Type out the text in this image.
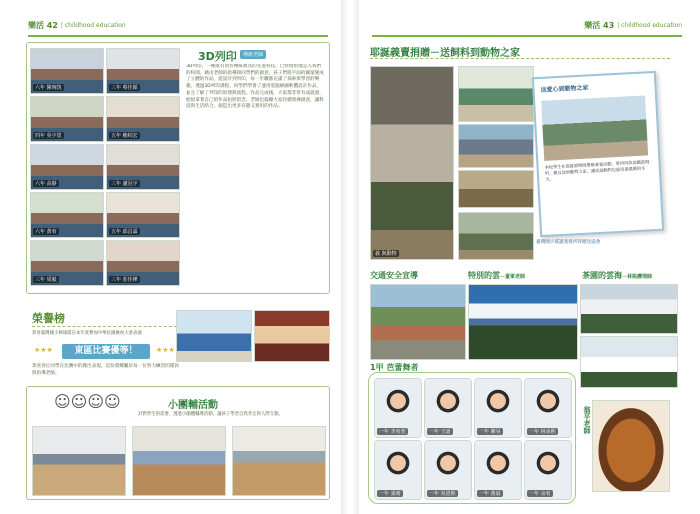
樂活 42 | childhood education
六年 陳琬筑	三年 蔡佳穎
四年 吳宇恩	五年 賴柏宏
六年 高靜	三年 盧冠宇
六年 黃宥	五年 邱昌霖
三年 周毅	三年 莊佳樺
3D列印	傳統老師
3D列印，一種既有別於傳統教具的先進科技，已經悄悄地走入我們的校園。藉由老師的指導與同學們的創意，孩子們將平面的圖案變成了立體的作品，從設計到列印，每一步驟都充滿了探索與學習的樂趣。透過3D列印課程，同學們學會了運用電腦繪圖軟體設計作品，並且了解了列印的原理與流程。作品完成後，大家都非常有成就感，紛紛拿著自己的作品拍照留念。老師也鼓勵大家持續發揮創意，讓科技與生活結合，創造出更多有趣又實用的作品。
榮譽榜
恭喜臺灣國小棒球隊在本年度參加中華民國慶祝大會表演
★★★	東區比賽優等！	★★★
恭喜各位同學在比賽中的傑出表現，這份榮耀屬於每一位努力練習的隊員與指導老師。
☺☺☺☺	小團輔活動
針對學生的需要，透過小團體輔導活動，讓孩子學習自我肯定與人際互動。
樂活 43 | childhood education
耶誕義賣捐贈－送飼料到動物之家
義 與動物
送愛心到動物之家
本校學生在耶誕節期間舉辦義賣活動，將所得款項購買飼料，親自送到動物之家，讓流浪動物也能度過溫暖的冬天。
臺灣國小耶誕義賣所得贈送協會
交通安全宣導	特別的雲－童軍老師	茶園的雲海－林瓶護理師
1甲 芭蕾舞者
一年 李宥萱	一年 王語	一年 陳昊	一年 林承熙
一年 張晴	一年 吳恩熙	一年 黃晨	一年 余宥
翁平老師
